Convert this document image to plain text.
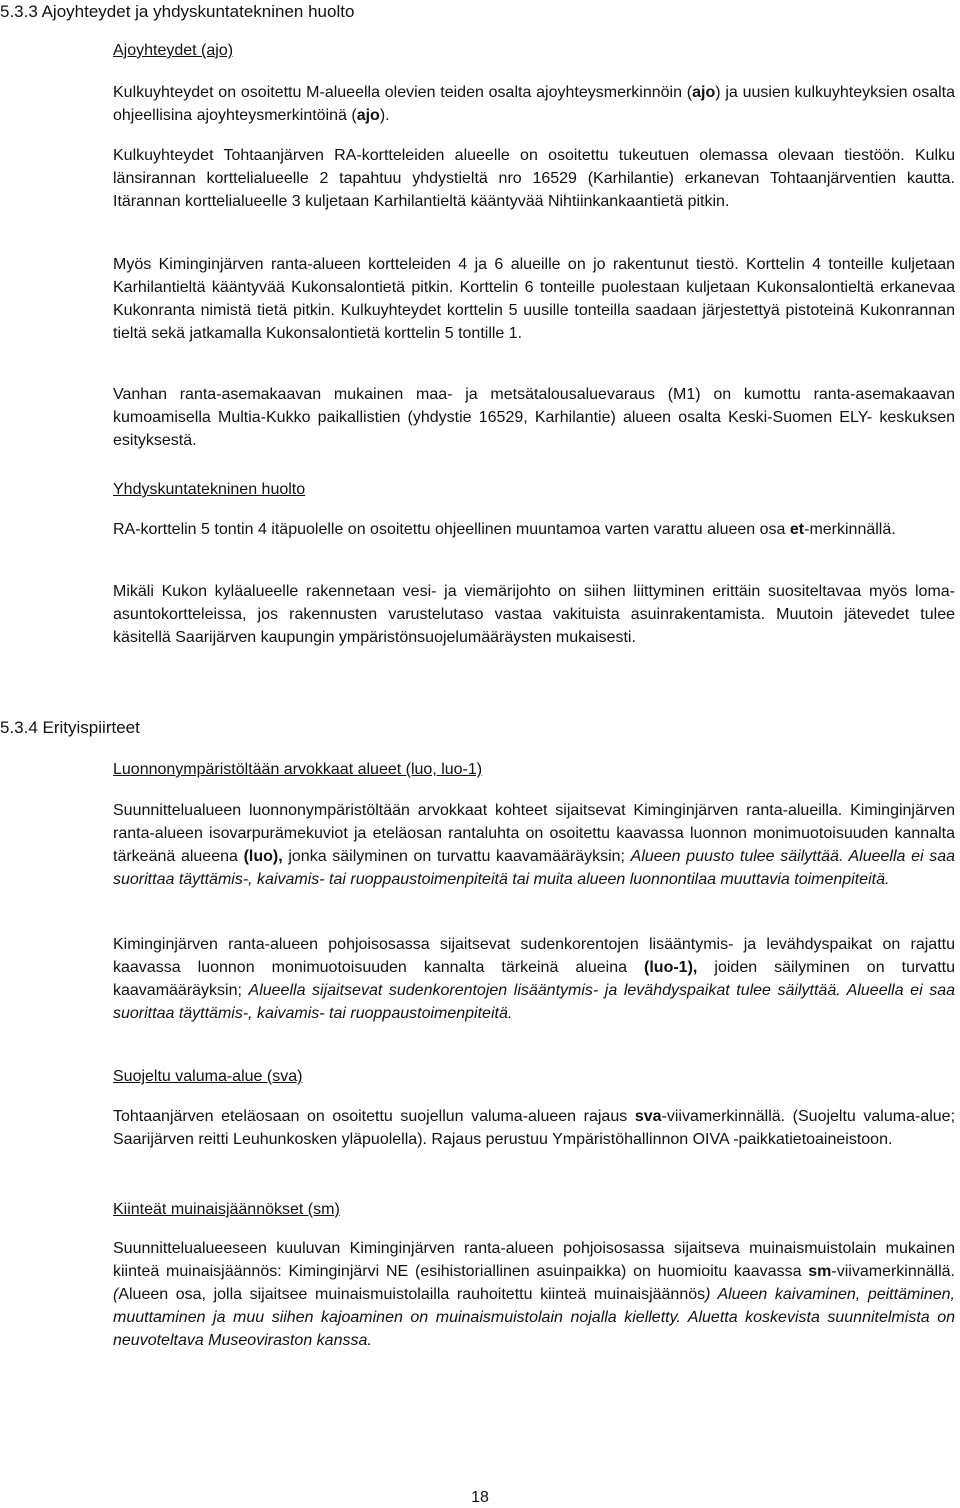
5.3.3 Ajoyhteydet ja yhdyskuntatekninen huolto
Ajoyhteydet (ajo)

Kulkuyhteydet on osoitettu M-alueella olevien teiden osalta ajoyhteysmerkinnöin (ajo) ja uusien kulkuyhteyksien osalta ohjeellisina ajoyhteysmerkintöinä (ajo).

Kulkuyhteydet Tohtaanjärven RA-kortteleiden alueelle on osoitettu tukeutuen olemassa olevaan tiestöön. Kulku länsirannan korttelialueelle 2 tapahtuu yhdystieltä nro 16529 (Karhilantie) erkanevan Tohtaanjärventien kautta. Itärannan korttelialueelle 3 kuljetaan Karhilantieltä kääntyvää Nihtiinkankaantietä pitkin.

Myös Kiminginjärven ranta-alueen kortteleiden 4 ja 6 alueille on jo rakentunut tiestö. Korttelin 4 tonteille kuljetaan Karhilantieltä kääntyvää Kukonsalontietä pitkin. Korttelin 6 tonteille puolestaan kuljetaan Kukonsalontieltä erkanevaa Kukonranta nimistä tietä pitkin. Kulkuyhteydet korttelin 5 uusille tonteilla saadaan järjestettyä pistoteinä Kukonrannan tieltä sekä jatkamalla Kukonsalontietä korttelin 5 tontille 1.

Vanhan ranta-asemakaavan mukainen maa- ja metsätalousaluevaraus (M1) on kumottu ranta-asemakaavan kumoamisella Multia-Kukko paikallistien (yhdystie 16529, Karhilantie) alueen osalta Keski-Suomen ELY- keskuksen esityksestä.

Yhdyskuntatekninen huolto

RA-korttelin 5 tontin 4 itäpuolelle on osoitettu ohjeellinen muuntamoa varten varattu alueen osa et-merkinnällä.

Mikäli Kukon kyläalueelle rakennetaan vesi- ja viemärijohto on siihen liittyminen erittäin suositeltavaa myös loma-asuntokortteleissa, jos rakennusten varustelutaso vastaa vakituista asuinrakentamista. Muutoin jätevedet tulee käsitellä Saarijärven kaupungin ympäristönsuojelumääräysten mukaisesti.

5.3.4 Erityispiirteet
Luonnonympäristöltään arvokkaat alueet (luo, luo-1)

Suunnittelualueen luonnonympäristöltään arvokkaat kohteet sijaitsevat Kiminginjärven ranta-alueilla. Kiminginjärven ranta-alueen isovarpurämekuviot ja eteläosan rantaluhta on osoitettu kaavassa luonnon monimuotoisuuden kannalta tärkeänä alueena (luo), jonka säilyminen on turvattu kaavamääräyksin; Alueen puusto tulee säilyttää. Alueella ei saa suorittaa täyttämis-, kaivamis- tai ruoppaustoimenpiteitä tai muita alueen luonnontilaa muuttavia toimenpiteitä.

Kiminginjärven ranta-alueen pohjoisosassa sijaitsevat sudenkorentojen lisääntymis- ja levähdyspaikat on rajattu kaavassa luonnon monimuotoisuuden kannalta tärkeinä alueina (luo-1), joiden säilyminen on turvattu kaavamääräyksin; Alueella sijaitsevat sudenkorentojen lisääntymis- ja levähdyspaikat tulee säilyttää. Alueella ei saa suorittaa täyttämis-, kaivamis- tai ruoppaustoimenpiteitä.

Suojeltu valuma-alue (sva)

Tohtaanjärven eteläosaan on osoitettu suojellun valuma-alueen rajaus sva-viivamerkinnällä. (Suojeltu valuma-alue; Saarijärven reitti Leuhunkosken yläpuolella). Rajaus perustuu Ympäristöhallinnon OIVA -paikkatietoaineistoon.

Kiinteät muinaisjäännökset (sm)

Suunnittelualueeseen kuuluvan Kiminginjärven ranta-alueen pohjoisosassa sijaitseva muinaismuistolain mukainen kiinteä muinaisjäännös: Kiminginjärvi NE (esihistoriallinen asuinpaikka) on huomioitu kaavassa sm-viivamerkinnällä. (Alueen osa, jolla sijaitsee muinaismuistolailla rauhoitettu kiinteä muinaisjäännös) Alueen kaivaminen, peittäminen, muuttaminen ja muu siihen kajoaminen on muinaismuistolain nojalla kielletty. Aluetta koskevista suunnitelmista on neuvoteltava Museoviraston kanssa.

18
